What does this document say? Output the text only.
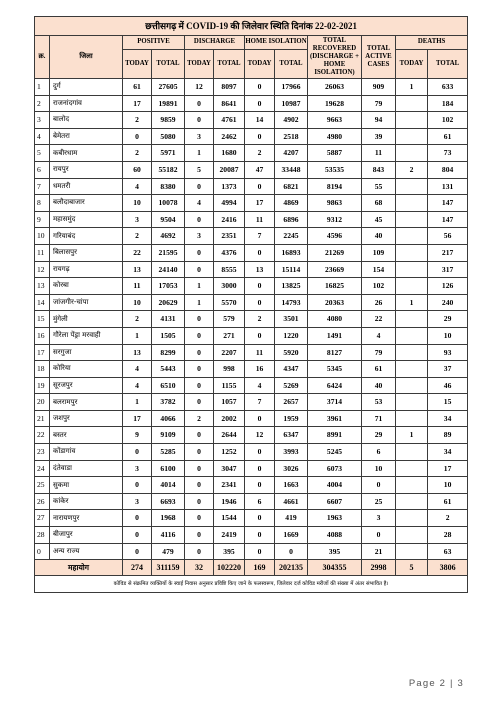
छत्तीसगढ़ में COVID-19 की जिलेवार स्थिति दिनांक 22-02-2021											
क्र.	जिला	POSITIVE		DISCHARGE		HOME ISOLATION		TOTAL RECOVERED (DISCHARGE + HOME ISOLATION)	TOTAL ACTIVE CASES	DEATHS	
		TODAY	TOTAL	TODAY	TOTAL	TODAY	TOTAL			TODAY	TOTAL
1	दुर्ग	61	27605	12	8097	0	17966	26063	909	1	633
2	राजनांदगांव	17	19891	0	8641	0	10987	19628	79		184
3	बालोद	2	9859	0	4761	14	4902	9663	94		102
4	बेमेतरा	0	5080	3	2462	0	2518	4980	39		61
5	कबीरधाम	2	5971	1	1680	2	4207	5887	11		73
6	रायपुर	60	55182	5	20087	47	33448	53535	843	2	804
7	धमतरी	4	8380	0	1373	0	6821	8194	55		131
8	बलौदाबाजार	10	10078	4	4994	17	4869	9863	68		147
9	महासमुंद	3	9504	0	2416	11	6896	9312	45		147
10	गरियाबंद	2	4692	3	2351	7	2245	4596	40		56
11	बिलासपुर	22	21595	0	4376	0	16893	21269	109		217
12	रायगढ़	13	24140	0	8555	13	15114	23669	154		317
13	कोरबा	11	17053	1	3000	0	13825	16825	102		126
14	जांजगीर-चांपा	10	20629	1	5570	0	14793	20363	26	1	240
15	मुंगेली	2	4131	0	579	2	3501	4080	22		29
16	गौरेला पेंड्रा मरवाही	1	1505	0	271	0	1220	1491	4		10
17	सरगुजा	13	8299	0	2207	11	5920	8127	79		93
18	कोरिया	4	5443	0	998	16	4347	5345	61		37
19	सूरजपुर	4	6510	0	1155	4	5269	6424	40		46
20	बलरामपुर	1	3782	0	1057	7	2657	3714	53		15
21	जशपुर	17	4066	2	2002	0	1959	3961	71		34
22	बस्तर	9	9109	0	2644	12	6347	8991	29	1	89
23	कोंडागांव	0	5285	0	1252	0	3993	5245	6		34
24	दंतेवाडा	3	6100	0	3047	0	3026	6073	10		17
25	सुकमा	0	4014	0	2341	0	1663	4004	0		10
26	कांकेर	3	6693	0	1946	6	4661	6607	25		61
27	नारायणपुर	0	1968	0	1544	0	419	1963	3		2
28	बीजापुर	0	4116	0	2419	0	1669	4088	0		28
0	अन्य राज्य	0	479	0	395	0	0	395	21		63
महायोग		274	311159	32	102220	169	202135	304355	2998	5	3806
कोविड से संक्रमित व्यक्तियों के स्वाई निवास अनुसार प्रविष्टि किए जाने के फलस्वरूप, जिलेवार दर्ज कोविड मरीजों की संख्या में अंतर संभावित है।											
Page 2 | 3
